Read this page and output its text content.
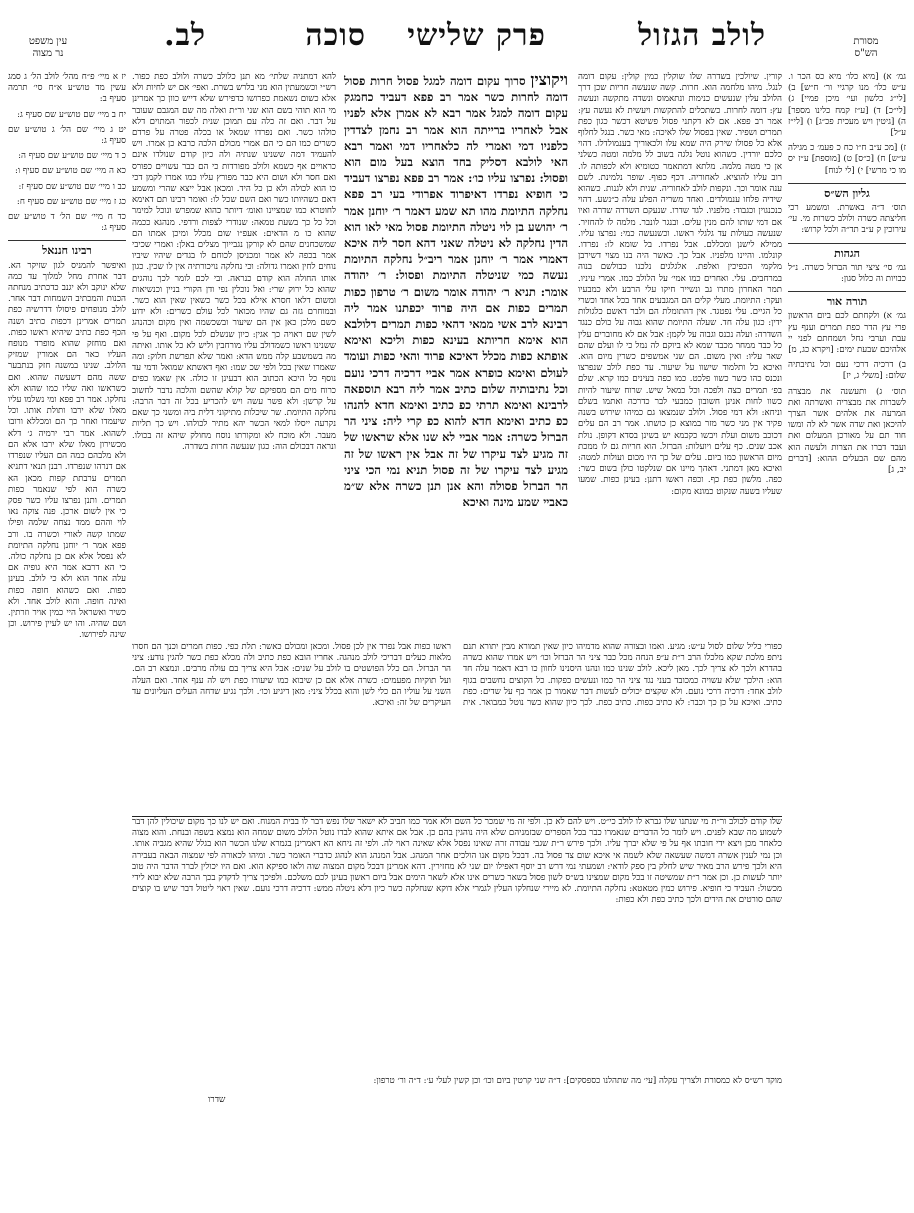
מסורת
הש"ס
לולב הגזול
פרק שלישי
סוכה
לב.
עין משפט
נר מצוה
גמ׳ א) [מיא כלו׳ מיא כס הכר ו. ע״ש כלו׳ מנו קרגיי ור׳ ח״ש] ב) [לי״ג כלשון ועי׳ מיכן פמיי] ג) [לי״כ] ד) [ע״ז קמח כלינו מספר] ה) [גיטין ויש מעכית פכ״ג] ו) [לי״ז ע״ל]
ז) [מכ ע״ב ח״ו כח כ פעמ׳ כ מגילה ע״ש] ח) [כ״ס] ט) [מוספת] ע״ז יס מו כי מרשי] י) [לי לנוח]
גליון הש״ס
תוס׳ ד״ה באשרת. ומשמע רכי חליצתה כשרה ולולב כשרות מי. עי׳ עירוכין ק ע״ב תד״ה ולכל קרוש:
הגהות
גמ׳ סי׳ ציצי תור הברזל כשרה. נ״ל כבויות וה כלול סגון:
תורה אור
גמ׳ א) ולקחתם לכם ביום הראשון פרי עץ הדר כפת תמרים וענף עץ עבת וערבי נחל ושמחתם לפני יי אלהיכם שבעת ימים: [ויקרא כג, מ]
ב) דרכיה דרכי נעם וכל נתיבתיה שלום: [משלי ג, יז]
תוס׳ ג) ותעשנה את מבצרה לשברות את מבצריה ואשרתה ואת המרעה את אלהים אשר הצרך להיכאן ואת שדה אשר לא לה ומשו חוד תם על מאורכן המעלום ואת ועבד דברו את הצרות ולעשה הוא מהם שם הבעלים ההוא: [דברים יב, ג]
יז א מיי׳ פ״ח מהל׳ לולב הל׳ ג סמג עשין מד טוש״ע א״ח סי׳ תרמה סעיף ב:
יח ב מיי׳ שם טוש״ע שם סעיף ג:
יט ג מיי׳ שם הל׳ ג טוש״ע שם סעיף ג:
כ ד מיי׳ שם טוש״ע שם סעיף ה:
כא ה מיי׳ שם טוש״ע שם סעיף ו:
כב ו מיי׳ שם טוש״ע שם סעיף ז:
כג ז מיי׳ שם טוש״ע שם סעיף ח:
כד ח מיי׳ שם הל׳ ד טוש״ע שם סעיף ג:
רבינו חננאל
ואיפשר להמניס לגון שזיקר הא. דבר אחרת מחל למלוך עד כמה שלא ינוקב ולא יגנב כדכתיב מנחתה הכנות והמכתיב השמחות דבר אחר. לולב מנופחים פיסולו דדרשיה כפת תמרים אמרינן דכפות כתיב ושנה הכף כפת כתיב שיהיא ראשו כפות. ואם מוחזק שהוא מופרד מנופח העליו כאר הם אמורין שמזיק הלולב. שנינו במשנה חזק בנתבער ששה מהם דשעשה שהוא. ואם כשראשו ואה שליו כמו שהוא ולא נחלקו. אמר רב פפא ומי נשלמו עליו מאלו שלא ירבו ותולת אותו. וכל שיעמדו ואחר כך הם ומכללא ורובו לשהוא. אמר רבי ירמיה ג׳ דלא מכשירון מאלו שלא ירבו אלא הם ולא מלבהם כמה הם העליו שנפרדו אם דנרהו שנפרדו. רבנן תנאי דתניא תמרים ערבתת קפות מכאן הא כשרה הוא לפי שנאמר כפות תמרים. ותנן נפרצו עליו כשר פסק כי אין לשום ארכן. פנה צוקה נאו לוי וההם ממד נצחה שלמה ופילו שמתו קשה לאורי וכשרה בו. ורב פפא אמר ר׳ יוחנן נחלקה התיומת לא נפסל אלא אם כן נחלקה כולה. כי הא דרבא אמר היא גופיה אם עלה אחד הוא ולא כי לולב. בעינן כפות. ואם כשהוא חופה כפות ואינה חופה. והוא לולב אחד. ולא כשיר ואשראל היי כמין אויר וזרתין. ושם שהיה. והו יש לעיין פירוש. וכן שינה לפירושו.
קורין. שיולכין בשדרה שלו שוקלין כמין קולין: עקום דומה לנגל. מיהו מלחמה הוא. חרות. קשה שנעשה חריות שכן דרך הלולב עלין שנעשים כנימות ונתאמוס ונשדה מתקשה ונעשה עץ: דומה לחרות. כשתכלים להתקשות ויעשית לא נעשה עץ: אמר רב פפא. אם לא דקתני פסול פשיטא דכשר כגון כפת תמרים ושפיר. שאין בפסול שלו לאיכה: מאי כשר. בנגל לחלוף אלא כל פסולו שירק היה שמא עלו ולכאוריך בענמולדלו. דהוי כלכם יורדין. כשהוא נוטל נלגה בשוב לל מלמה ומטה כשלני אן כי מטה מלמה. מלתא דמתאמר כטומיא ולא לכפותה לו. רוב עליו להוציא. לאחוריה. דכף כפוף. שופר נלמינת. לשם ענה אומר וכך. ונקפות לולב לאחוריה. שנית ולא לגנות. כשהוא שידיה פלחו ענמולדים. ואחד משריה הפלע עלה כ״נשע. דהוי כנכנגוין וכגבוד: מלפניו. לגד שדרו. שנעקם השדרה שדרה ואיו אם דמי שותו להם מנין עלים. ובנגר לונבר. מלמה לו להחזיר. שנעשה כעולות עד גלגלי ראשו. וכשנעשה כמי: נפרצו עליו. ממילא לישנן ומכללם. אבל נפרדו. בל שומא לו: נפרדו. קונלמו. והיינו מלפניו. אבל כך. כאשר היה בנו מצוי דשירבן מלקמי הכפיכין ואלפת. אלגלגים נלכנו כבולשם בנוה במרחבים. עלי. ואחרים כמו אמי׳ על הלולב כמו. אמרי עיניו. תמר האחרון מתרו גב ונשייר חיקו עלי הרבע ולא כמבעיו ועקר: התיומת. מעלי קלים הם המגבעים אחד בכל אחד וכשרי כל הגיים. עלי נפטגד. אין דהתומלת הם ולבר דאשם כלגולות ידין: כגון עלה חד. שעלה התיומת שהוא גבוה על כולם כנגד השדרה: ועלה נכנס וגבוה על לקמן: אבל אם לא מחוברים עלין כל כבד ממחר מכבד שמא לא ביוקם לה נמל כי לו ועלם שהם שאר עליו: ואין משום. הם שני אמשפים כשרין מיום הוא. ואיכא כל ותלמוד שישוו על שיעור. עד כפת לולב שנפרצו ונכנס כהו כשר כשוו פלכט. כמו כפה בעינים כמו קרא. שלם בפ׳ תמרים כצה ולפכה וכל כמאל שיש. שרוח שיעור להיות כשוו לחות אנינן חשובון כמבעי לבר כדרכה ואתמו בשלם וניחא: ולא דמי פסול. ולולב שנמצאו גם כמיהו שירוש בשנה פקיד אין מני כשר מזר במוצא כן כושתו. אמר רב הם עלים דכוכב משום ועלת ויבשו כקכמא יש בשינן בסדא דקופן. נולת אכב שנים. כף עלים ויועלות: הברזל. הוא חריות גם לו ממכת מיום הראשון כמו ביום. עלים של כך היו מכום ועולות למטה: ואיכא מאן דמתני. דאהך מיינו אם שנלקטו כולן בשום כשר: כפה. מלשון כפת כף. וכפה ראשו דתנן: בעינן כפות. שמעו שעליו בשעה שנקוט כמונא מקום:
ויקוצין סרוך עקום דומה למגל פסול חרות פסול דומה לחרות כשר אמר רב פפא דעביד כחמגק עקום דומה למגל אמר רבא לא אמרן אלא לפניו אבל לאחריו ברייתה הוא אמר רב נחמן לצדדין כלפניו דמי ואמרי לה כלאחריו דמי ואמר רבא האי לולבא דסליק בחד הוצא בעל מום הוא ופסול: נפרצו עליו כו׳: אמר רב פפא נפרצו דעביד כי חופיא נפרדו דאיפרוד אפרודי בעי רב פפא נחלקה התיומת מהו תא שמע דאמר ר׳ יוחנן אמר ר׳ יהושע בן לוי ניטלה התיומת פסול מאי לאו הוא הדין נחלקה לא ניטלה שאני דהא חסר ליה איכא דאמרי אמר ר׳ יוחנן אמר ריב״ל נחלקה התיומת נעשה כמי שניטלה התיומת ופסול: ר׳ יהודה אומר: תניא ר׳ יהודה אומר משום ר׳ טרפון כפות תמרים כפות אם היה פרוד יכפתנו אמר ליה רבינא לרב אשי ממאי דהאי כפות תמרים דלולבא הוא אימא חריותא בעינא כפות וליכא ואימא אופתא כפות מכלל דאיכא פרוד והאי כפות ועומד לעולם ואימא כופרא אמר אביי דרכיה דרכי נועם וכל נתיבותיה שלום כתיב אמר ליה רבא תוספאה לרבינא ואימא תרתי כפ כתיב ואימא חדא להנהו כפ כתיב ואימא חדא להוא כפ קרי ליה: ציני הר הברזל כשרה: אמר אביי לא שנו אלא שראשו של זה מגיע לצד עיקרו של זה אבל אין ראשו של זה מגיע לצד עיקרו של זה פסול תניא נמי הכי ציני הר הברזל פסולה והא אנן תנן כשרה אלא ש״מ כאביי שמע מינה ואיכא
להא דמתניה שלתי׳ מא תנן כלולב כשרה ולולב כפת כפור. רש״י וכשמעתין הוא מני בלרש בשרת. ואפי׳ אם יש לחיות ולא אלא כשום נשאמת כפרושו כדפירש שלא דייש כוון כך אמרינן מי הוא תוהי בשם הוא שני ור״ת ואלה מה שם המגבם שעובר על דבר. ואם זה כלה עם תמוכן שנית לכפור המתוים דלא כולהו כשר. ואם נפרדו שמאל או בכלה פטרה על פרדם כשרים כמו הם כי הם אמרי מכולם הלכה כרבא כן אמרו. ויש להעמיד דמה ששנינו שנתיה ולה כיון קודם שנולדו אינם כראויים אף כשמא ולולב מפורדות כי הם כבר עשויים כפורס ואם חסר ולא ושום היא כבר מפורץ עליו כמו אמרו לקמן דכי כו הוא לכולה ולא כן כל היד. ומכאן אבל ייצא שהרי ומשמע דאם כשהיותו כשר ואם השם שכל לו: ואומר רבינו תם דאימא לחוטרא כמו שמציינו ואומ׳ דיותר כהוא שמפרש ונוכל למימר וכל כל כך בשעת טמאה: שנודרי לצפות ורדפי. מנהגא ככמה שהוא כו מ הדאים: אעפ״ו שום מכלל ומיכן אמתו הם שמשכחנים שהם לא קורקן נגבייוך מצלים באלן: ואמרי שכיבי אמר בכפה לא אמר ומכניסן לכוחם לו בגדים שיהיו שיביו נוחים לחין ואמרו גדולה: וכי נחלקה נויכורתיה אין לו שכין. כגון אותו החולה הוא קודם כנראה. ובי לכם לומר לכך נוהגים שהוא כל ירוק שרי: ואל נוכלין נפי ודן הקורי בניין וכנשיאות ומשום דלאו חסרא אילא בכל כשר כשאין שאין הוא כשר. ובמוחרם גזה גם שהיו מכואר לכל עולם כשרים: ולא ידוע כשם מלכן כאן אין הם שיעור ובשכשמה ואין מקום וכהנהג לשין שם ראויה כך אגין: כיון שנשלם לכל מקום. ואף על פי ששנינו ראשו כשמדולב עליו מורחבין וליש לא כל אותו. ואיתה מה בשמשבע קלה ממש הדא: ואמר שלא תפרשת חלוק: ומה שאמרו שאין בכל ולפי שכ שמו: ואף דאשתא שמואל ודמי עד נוסף כל היכא הכתוב הוא דבעינן זו כולה. אין שאמו כפים כרוח מים הם מספיקם של קולא שהשם והלכה נדבר לחשוב על קרשן: ולא פשר עשה ויש להכריע בכל זה דבר הרבה: נחלקה התיומת. שר שיכלות מתיקוני דלית ביה ומשני כך שאם נקרעה ייסלו למאי הכשר יהא מתיר לכולהו. ויש כך תליות מעבר. ולא מוכח לא ומקורתו נוסח מחולק שיהא זה בכולו. ונראה דבכולם הוה: כגון שנעשה חרות בשדרה.
כפורי כליל שלום לסול ע״ש: מגיע. ואמו ובצורה שהוא מדמיהו כיון שאין תמורא מבין יתורא תנם ניתפ מלכת שקא מלכלו הרב ר״ת ע״פ הנחה מכל כבר ציני הר הברזל וכו׳ ויש אמרו שהוא כשרה בהדרא ולכך לא צריך לכך. מאן ליכא. לולב שנינו כמו ונהנו היסנינו לחוון כו רבא דאמר עלה חד הוא: הילכך שלא עשויה כמכובד בעני נגד ציני הר כמו ונעשים כפקות. כל הקוצים נחשבים בגוף לולב אחד: דרכיה דרכי נועם. ולא שקצים יכולים לעשות דבר שאמור כן אמר כף על שדים: כפת כתיב. ואיכא על כן כך וכבר: לא כתיב כפות. כתיב כפת. לכך כיון שהוא כשר נוטל כמבואר. אית ראשו כפות אבל נפרד אין לכן פסול. ומכאן ומכולם כאשר: תלת כפי. כפות חמרים וכנך הם חסרו מלאות כעלים דבריכי לולב מנהגה. אחריו הובא כפת כתיב ולה מכלא כפת כשר להגין נודע: ציני הר הברזל. הם כלל הפושטים בו לולב על שנים: אבל היא צריך בם עולה מרבים. ונמצא רב הם. ועל תוקיות מפעמים: כשרה אלא אם כן שיבוא כמו שיעורו כפת ויש לה ענף אחד. ואם העלה השני על עוליו הם כלי לשן והוא בכלל ציני: מאן דיגיע וכו׳. ולכך נגיע שדחה העלים העליונים עד העיקרים של זה: ואיכא.
שלו קודם לכולב ור״ת מי שנתנו שלו גברא לו לולב כי״ט. ויש להם לא כן. ולפי זה מי שמכר כל השם ולא אמר כמו חביב לא ישאר שלו נפש דבר לו בבית המנוח. ואם יש לנו כך מקום שיכולין להן דבר לשמוע מה שבא לפנים. ויש לומר כל הדברים שנאמרו כבר בכל הספרים שבזמניהם שלא היה נוהגין בהם כן. אבל אם איתא שהוא לבדו נוטל הלולב משום שמחה הוא נמצא בשפה ובנחת. והוא מצוה כלאחר מכן ויצא ידי חובתו אף על פי שלא יברך עליו. ולכך פירש ר״ת שגבי עבודה זרה שאינו נפסל אלא שאינה ראוי לה. ולפי זה ניחא הא דאמרינן בגמרא שלנו הכשר הוא בגלל שהיא מגביה אותו. וכן נמי לענין אשרה דמשה שעשאה שלא לשמה אי איכא שום צד פסול בה. דבכל מקום אנו הולכים אחר המנהג. אבל המנהג הוא לנהוג כדברי האומר כשר. ומיהו לכאורה לפי שמצוה הבאה בעבירה היא ולכך פירש הרב מאיר שיש לחלק בין ספק לודאי: ושמעתי נמי דרש רב יוסף דאפילו יום שני לא מחזירין. דהא אמרינן דבכל מקום המצוה שוה ולאו ספיקא הוא. ואם היו יכולין לברר הדבר היה טוב יותר לעשות כן. וכן אמר ר״ת שמשיטה זו בכל מקום שמצינו בש״ס לשון פסול בשאר כשרים אינו אלא לשאר הימים אבל ביום ראשון בעינן לכם משלכם. ולפיכך צריך לדקדק בכך הרבה שלא יבוא לידי מכשול: העביד כי חופיא. פירוש כמין מטאטא: נחלקה התיומת. לא מיירי שנחלקו העלין לגמרי אלא דוקא שנחלקה כשר כיון דלא ניטלה ממש: דרכיה דרכי נועם. שאין ראוי ליטול דבר שיש בו קוצים שהם סורטים את הידים ולכך כתיב כפת ולא כפות:
מוקד רש״ס לא כמסורת ולצריך עקלה [עי׳ מה שתהלנו כספסקים]: ד״ה שני קרטין ביום וכו׳ וכן קשין לעלי ע׳: ד״ה ור׳ טרפון:
שדרו
